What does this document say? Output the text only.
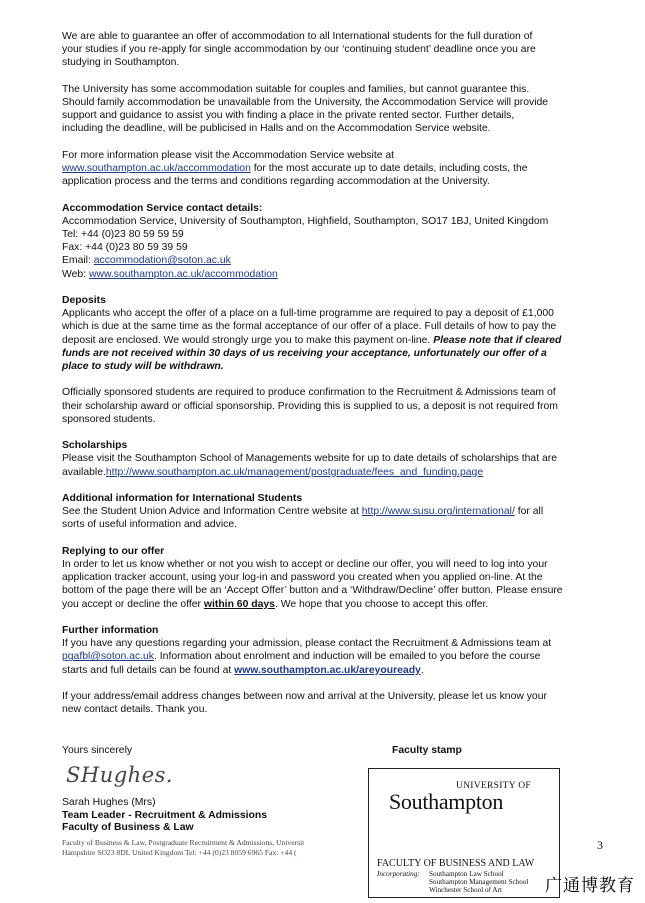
We are able to guarantee an offer of accommodation to all International students for the full duration of
your studies if you re-apply for single accommodation by our ‘continuing student’ deadline once you are
studying in Southampton.
The University has some accommodation suitable for couples and families, but cannot guarantee this.
Should family accommodation be unavailable from the University, the Accommodation Service will provide
support and guidance to assist you with finding a place in the private rented sector. Further details,
including the deadline, will be publicised in Halls and on the Accommodation Service website.
For more information please visit the Accommodation Service website at
www.southampton.ac.uk/accommodation for the most accurate up to date details, including costs, the
application process and the terms and conditions regarding accommodation at the University.
Accommodation Service contact details:
Accommodation Service, University of Southampton, Highfield, Southampton, SO17 1BJ, United Kingdom
Tel: +44 (0)23 80 59 59 59
Fax: +44 (0)23 80 59 39 59
Email: accommodation@soton.ac.uk
Web: www.southampton.ac.uk/accommodation
Deposits
Applicants who accept the offer of a place on a full-time programme are required to pay a deposit of £1,000
which is due at the same time as the formal acceptance of our offer of a place. Full details of how to pay the
deposit are enclosed. We would strongly urge you to make this payment on-line. Please note that if cleared
funds are not received within 30 days of us receiving your acceptance, unfortunately our offer of a
place to study will be withdrawn.
Officially sponsored students are required to produce confirmation to the Recruitment & Admissions team of
their scholarship award or official sponsorship. Providing this is supplied to us, a deposit is not required from
sponsored students.
Scholarships
Please visit the Southampton School of Managements website for up to date details of scholarships that are
available.http://www.southampton.ac.uk/management/postgraduate/fees_and_funding.page
Additional information for International Students
See the Student Union Advice and Information Centre website at http://www.susu.org/international/ for all
sorts of useful information and advice.
Replying to our offer
In order to let us know whether or not you wish to accept or decline our offer, you will need to log into your
application tracker account, using your log-in and password you created when you applied on-line. At the
bottom of the page there will be an ‘Accept Offer’ button and a ‘Withdraw/Decline’ offer button. Please ensure
you accept or decline the offer within 60 days. We hope that you choose to accept this offer.
Further information
If you have any questions regarding your admission, please contact the Recruitment & Admissions team at
pgafbl@soton.ac.uk. Information about enrolment and induction will be emailed to you before the course
starts and full details can be found at www.southampton.ac.uk/areyouready.
If your address/email address changes between now and arrival at the University, please let us know your
new contact details. Thank you.
Yours sincerely
SHughes.
Sarah Hughes (Mrs)
Team Leader - Recruitment & Admissions
Faculty of Business & Law
Faculty of Business & Law, Postgraduate Recruitment & Admissions, Universit
Hampshire SO23 8DL United Kingdom Tel: +44 (0)23 8059 6965 Fax: +44 (
Faculty stamp
UNIVERSITY OF
Southampton
FACULTY OF BUSINESS AND LAW
Incorporating: Southampton Law School
Southampton Management School
Winchester School of Art
3
广通博教育
